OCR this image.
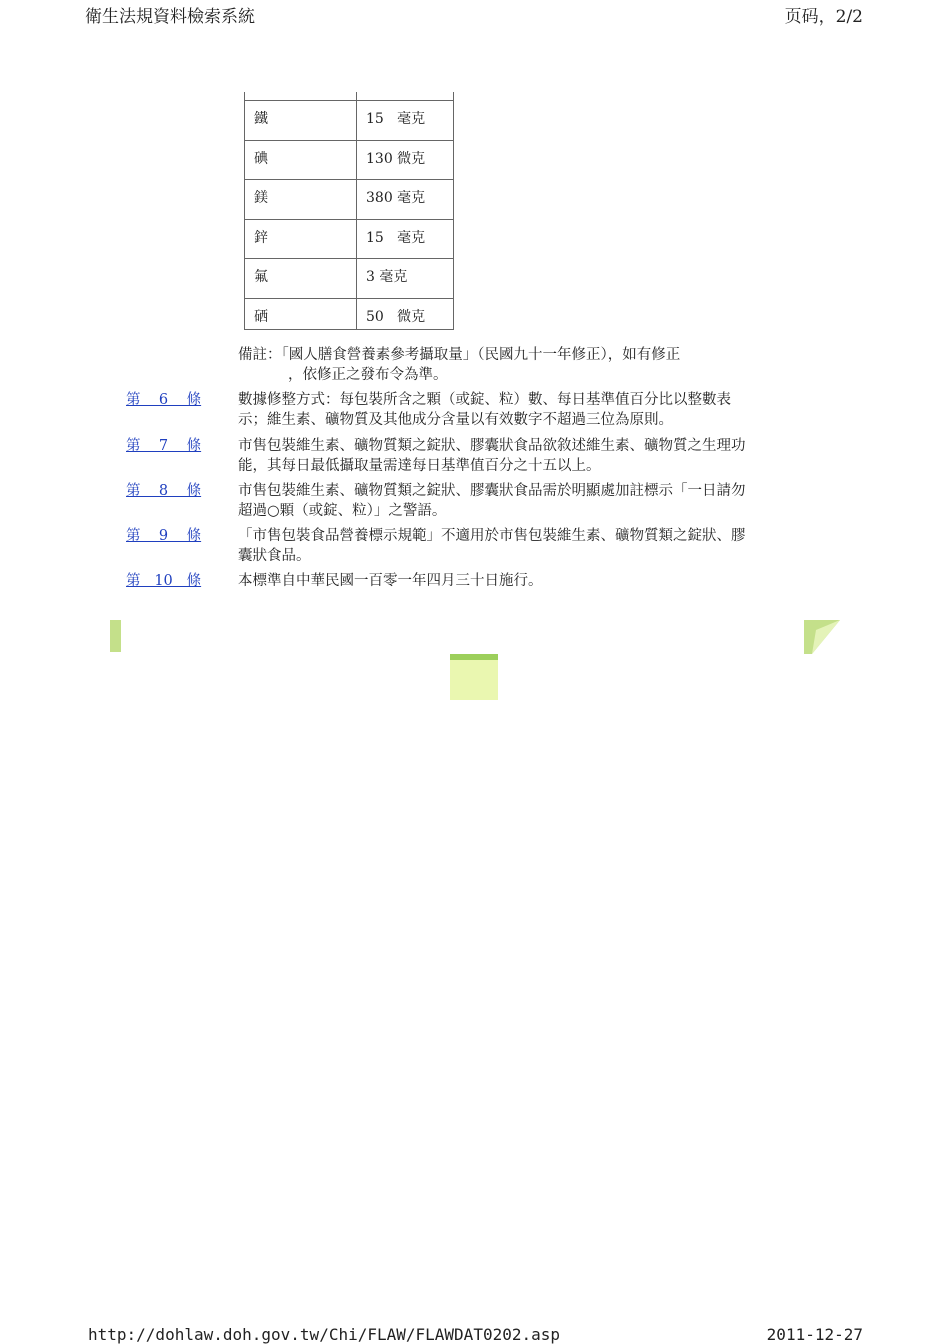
衛生法規資料檢索系統	页码，2/2
鐵	15   毫克
碘	130 微克
鎂	380 毫克
鋅	15   毫克
氟	3 毫克
硒	50   微克
備註：「國人膳食營養素參考攝取量」（民國九十一年修正），如有修正
，依修正之發布令為準。
第    6    條	數據修整方式：每包裝所含之顆（或錠、粒）數、每日基準值百分比以整數表示；維生素、礦物質及其他成分含量以有效數字不超過三位為原則。
第    7    條	市售包裝維生素、礦物質類之錠狀、膠囊狀食品欲敘述維生素、礦物質之生理功能，其每日最低攝取量需達每日基準值百分之十五以上。
第    8    條	市售包裝維生素、礦物質類之錠狀、膠囊狀食品需於明顯處加註標示「一日請勿超過○顆（或錠、粒）」之警語。
第    9    條	「市售包裝食品營養標示規範」不適用於市售包裝維生素、礦物質類之錠狀、膠囊狀食品。
第   10   條	本標準自中華民國一百零一年四月三十日施行。
http://dohlaw.doh.gov.tw/Chi/FLAW/FLAWDAT0202.asp	2011-12-27
